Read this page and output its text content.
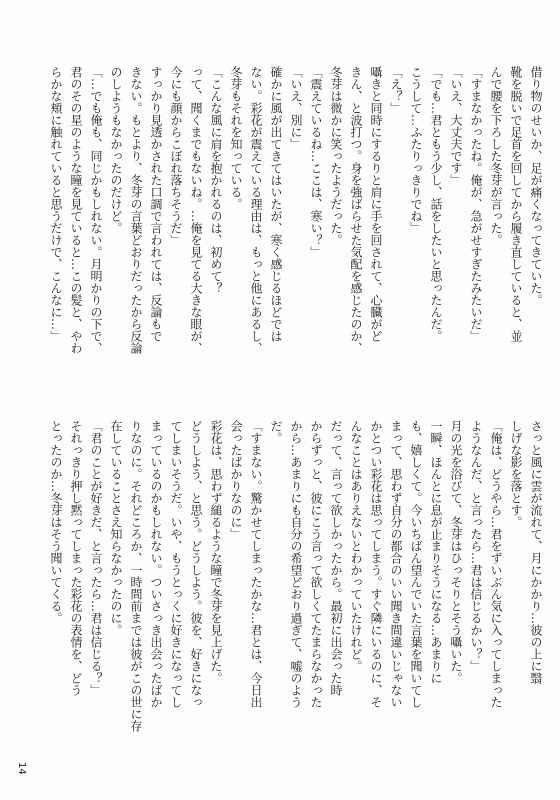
借り物のせいか、足が痛くなってきていた。
靴を脱いで足首を回してから履き直していると、並
んで腰を下ろした冬芽が言った。
「すまなかったね。俺が、急がせすぎたみたいだ」
「いえ、大丈夫です」
「でも…君ともう少し、話をしたいと思ったんだ。
こうして…ふたりっきりでね」
「え？」
囁きと同時にするりと肩に手を回されて、心臓がど
きん、と波打つ。身を強ばらせた気配を感じたのか、
冬芽は微かに笑ったようだった。
「震えているね…ここは、寒い？」
「いえ、別に」
確かに風が出てきてはいたが、寒く感じるほどでは
ない。彩花が震えている理由は、もっと他にあるし、
冬芽もそれを知っている。
「こんな風に肩を抱かれるのは、初めて？
って、聞くまでもないね。…俺を見てる大きな眼が、
今にも顔からこぼれ落ちそうだ」
すっかり見透かされた口調で言われては、反論もで
きない。もとより、冬芽の言葉どおりだったから反論
のしようもなかったのだけど。
「…でも俺も、同じかもしれない。月明かりの下で、
君のその星のような瞳を見ていると…この髪と、やわ
らかな頬に触れていると思うだけで、こんなに…」
さっと風に雲が流れて、月にかかり…彼の上に翳
しげな影を落とす。
「俺は、どうやら…君をずいぶん気に入ってしまった
ようなんだ、と言ったら…君は信じるかい？」
月の光を浴びて、冬芽はひっそりとそう囁いた。
一瞬、ほんとに息が止まりそうになる…あまりに
も、嬉しくて。今いちばん望んでいた言葉を聞いてし
まって、思わず自分の都合のいい聞き間違いじゃない
かとつい彩花は思ってしまう。すぐ隣にいるのに、そ
んなことはありえないとわかっていたけれど。
だって、言って欲しかったから。最初に出会った時
からずっと、彼にこう言って欲しくてたまらなかった
から…あまりにも自分の希望どおり過ぎて、嘘のよう
だ。
「すまない。驚かせてしまったかな…君とは、今日出
会ったばかりなのに」
彩花は、思わず縋るような瞳で冬芽を見上げた。
どうしよう、と思う。どうしよう。彼を、好きになっ
てしまいそうだ。いや、もうとっくに好きになってし
まっているのかもしれない。ついさっき出会ったばか
りなのに。それどころか、一時間前までは彼がこの世に存
在していることさえ知らなかったのに。
「君のことが好きだ、と言ったら…君は信じる？」
それっきり押し黙ってしまった彩花の表情を、どう
とったのか…冬芽はそう聞いてくる。
14
